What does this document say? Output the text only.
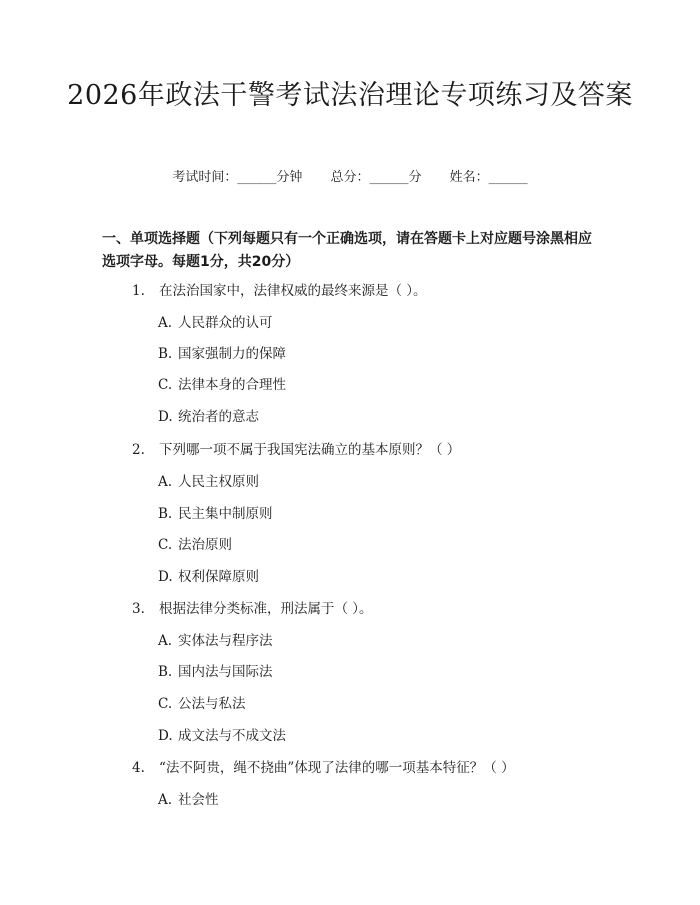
2026年政法干警考试法治理论专项练习及答案
考试时间：______分钟 总分：______分 姓名：______
一、单项选择题（下列每题只有一个正确选项，请在答题卡上对应题号涂黑相应选项字母。每题1分，共20分）
1. 在法治国家中，法律权威的最终来源是（ ）。
A. 人民群众的认可
B. 国家强制力的保障
C. 法律本身的合理性
D. 统治者的意志
2. 下列哪一项不属于我国宪法确立的基本原则？（ ）
A. 人民主权原则
B. 民主集中制原则
C. 法治原则
D. 权利保障原则
3. 根据法律分类标准，刑法属于（ ）。
A. 实体法与程序法
B. 国内法与国际法
C. 公法与私法
D. 成文法与不成文法
4. “法不阿贵，绳不挠曲”体现了法律的哪一项基本特征？（ ）
A. 社会性
